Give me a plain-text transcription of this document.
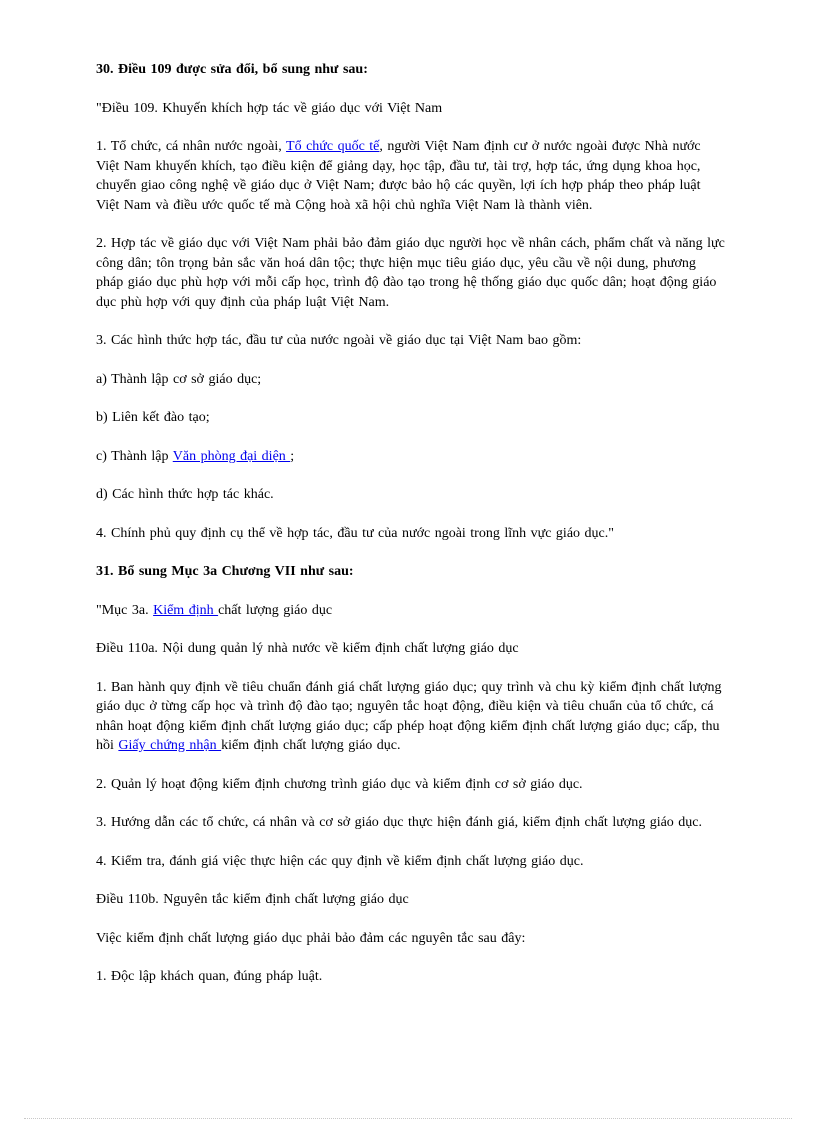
30. Điều 109 được sửa đổi, bổ sung như sau:

"Điều 109. Khuyến khích hợp tác về giáo dục với Việt Nam

1. Tổ chức, cá nhân nước ngoài, Tổ chức quốc tế, người Việt Nam định cư ở nước ngoài được Nhà nước Việt Nam khuyến khích, tạo điều kiện để giảng dạy, học tập, đầu tư, tài trợ, hợp tác, ứng dụng khoa học, chuyển giao công nghệ về giáo dục ở Việt Nam; được bảo hộ các quyền, lợi ích hợp pháp theo pháp luật Việt Nam và điều ước quốc tế mà Cộng hoà xã hội chủ nghĩa Việt Nam là thành viên.

2. Hợp tác về giáo dục với Việt Nam phải bảo đảm giáo dục người học về nhân cách, phẩm chất và năng lực công dân; tôn trọng bản sắc văn hoá dân tộc; thực hiện mục tiêu giáo dục, yêu cầu về nội dung, phương pháp giáo dục phù hợp với mỗi cấp học, trình độ đào tạo trong hệ thống giáo dục quốc dân; hoạt động giáo dục phù hợp với quy định của pháp luật Việt Nam.

3. Các hình thức hợp tác, đầu tư của nước ngoài về giáo dục tại Việt Nam bao gồm:

a) Thành lập cơ sở giáo dục;

b) Liên kết đào tạo;

c) Thành lập Văn phòng đại diện ;

d) Các hình thức hợp tác khác.

4. Chính phủ quy định cụ thể về hợp tác, đầu tư của nước ngoài trong lĩnh vực giáo dục."

31. Bổ sung Mục 3a Chương VII như sau:

"Mục 3a. Kiểm định chất lượng giáo dục

Điều 110a. Nội dung quản lý nhà nước về kiểm định chất lượng giáo dục

1. Ban hành quy định về tiêu chuẩn đánh giá chất lượng giáo dục; quy trình và chu kỳ kiểm định chất lượng giáo dục ở từng cấp học và trình độ đào tạo; nguyên tắc hoạt động, điều kiện và tiêu chuẩn của tổ chức, cá nhân hoạt động kiểm định chất lượng giáo dục; cấp phép hoạt động kiểm định chất lượng giáo dục; cấp, thu hồi Giấy chứng nhận kiểm định chất lượng giáo dục.

2. Quản lý hoạt động kiểm định chương trình giáo dục và kiểm định cơ sở giáo dục.

3. Hướng dẫn các tổ chức, cá nhân và cơ sở giáo dục thực hiện đánh giá, kiểm định chất lượng giáo dục.

4. Kiểm tra, đánh giá việc thực hiện các quy định về kiểm định chất lượng giáo dục.

Điều 110b. Nguyên tắc kiểm định chất lượng giáo dục

Việc kiểm định chất lượng giáo dục phải bảo đảm các nguyên tắc sau đây:

1. Độc lập khách quan, đúng pháp luật.
